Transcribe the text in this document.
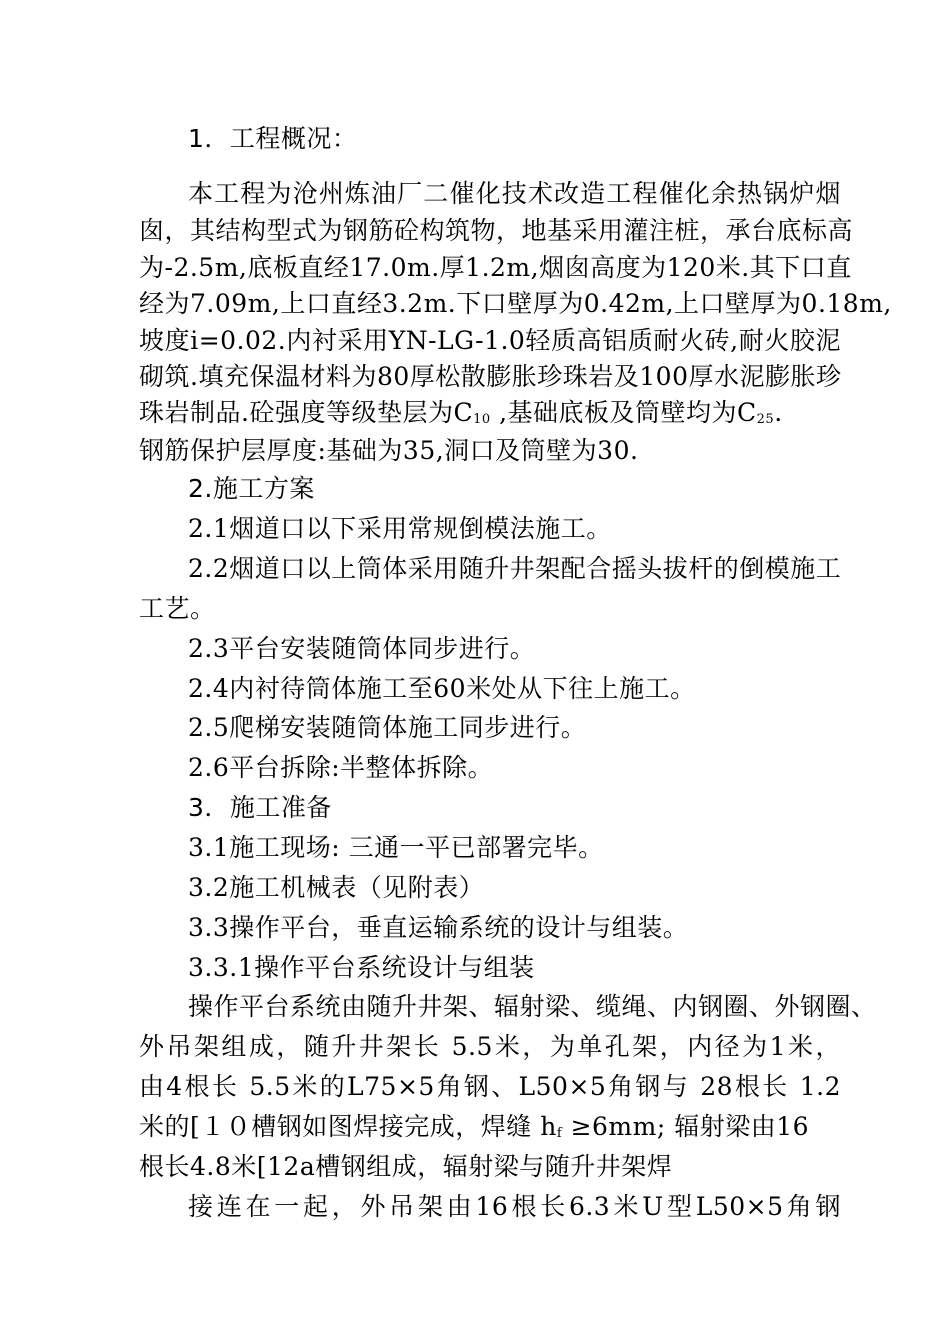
1．工程概况：
本工程为沧州炼油厂二催化技术改造工程催化余热锅炉烟
囱，其结构型式为钢筋砼构筑物，地基采用灌注桩，承台底标高
为-2.5m,底板直经17.0m.厚1.2m,烟囱高度为120米.其下口直
经为7.09m,上口直经3.2m.下口壁厚为0.42m,上口壁厚为0.18m,
坡度i=0.02.内衬采用YN-LG-1.0轻质高铝质耐火砖,耐火胶泥
砌筑.填充保温材料为80厚松散膨胀珍珠岩及100厚水泥膨胀珍
珠岩制品.砼强度等级垫层为$C_{10}$ ,基础底板及筒壁均为$C_{25}$.
钢筋保护层厚度:基础为35,洞口及筒壁为30.
2.施工方案
2.1烟道口以下采用常规倒模法施工。
2.2烟道口以上筒体采用随升井架配合摇头拔杆的倒模施工
工艺。
2.3平台安装随筒体同步进行。
2.4内衬待筒体施工至60米处从下往上施工。
2.5爬梯安装随筒体施工同步进行。
2.6平台拆除:半整体拆除。
3．施工准备
3.1施工现场: 三通一平已部署完毕。
3.2施工机械表（见附表）
3.3操作平台，垂直运输系统的设计与组装。
3.3.1操作平台系统设计与组装
操作平台系统由随升井架、辐射梁、缆绳、内钢圈、外钢圈、
外吊架组成，随升井架长 5.5米，为单孔架，内径为1米，
由4根长 5.5米的L75×5角钢、L50×5角钢与 28根长 1.2
米的[１０槽钢如图焊接完成，焊缝 $h_f \ge 6mm$; 辐射梁由16
根长4.8米[12a槽钢组成，辐射梁与随升井架焊
接连在一起，外吊架由16根长6.3米U型L50×5角钢
